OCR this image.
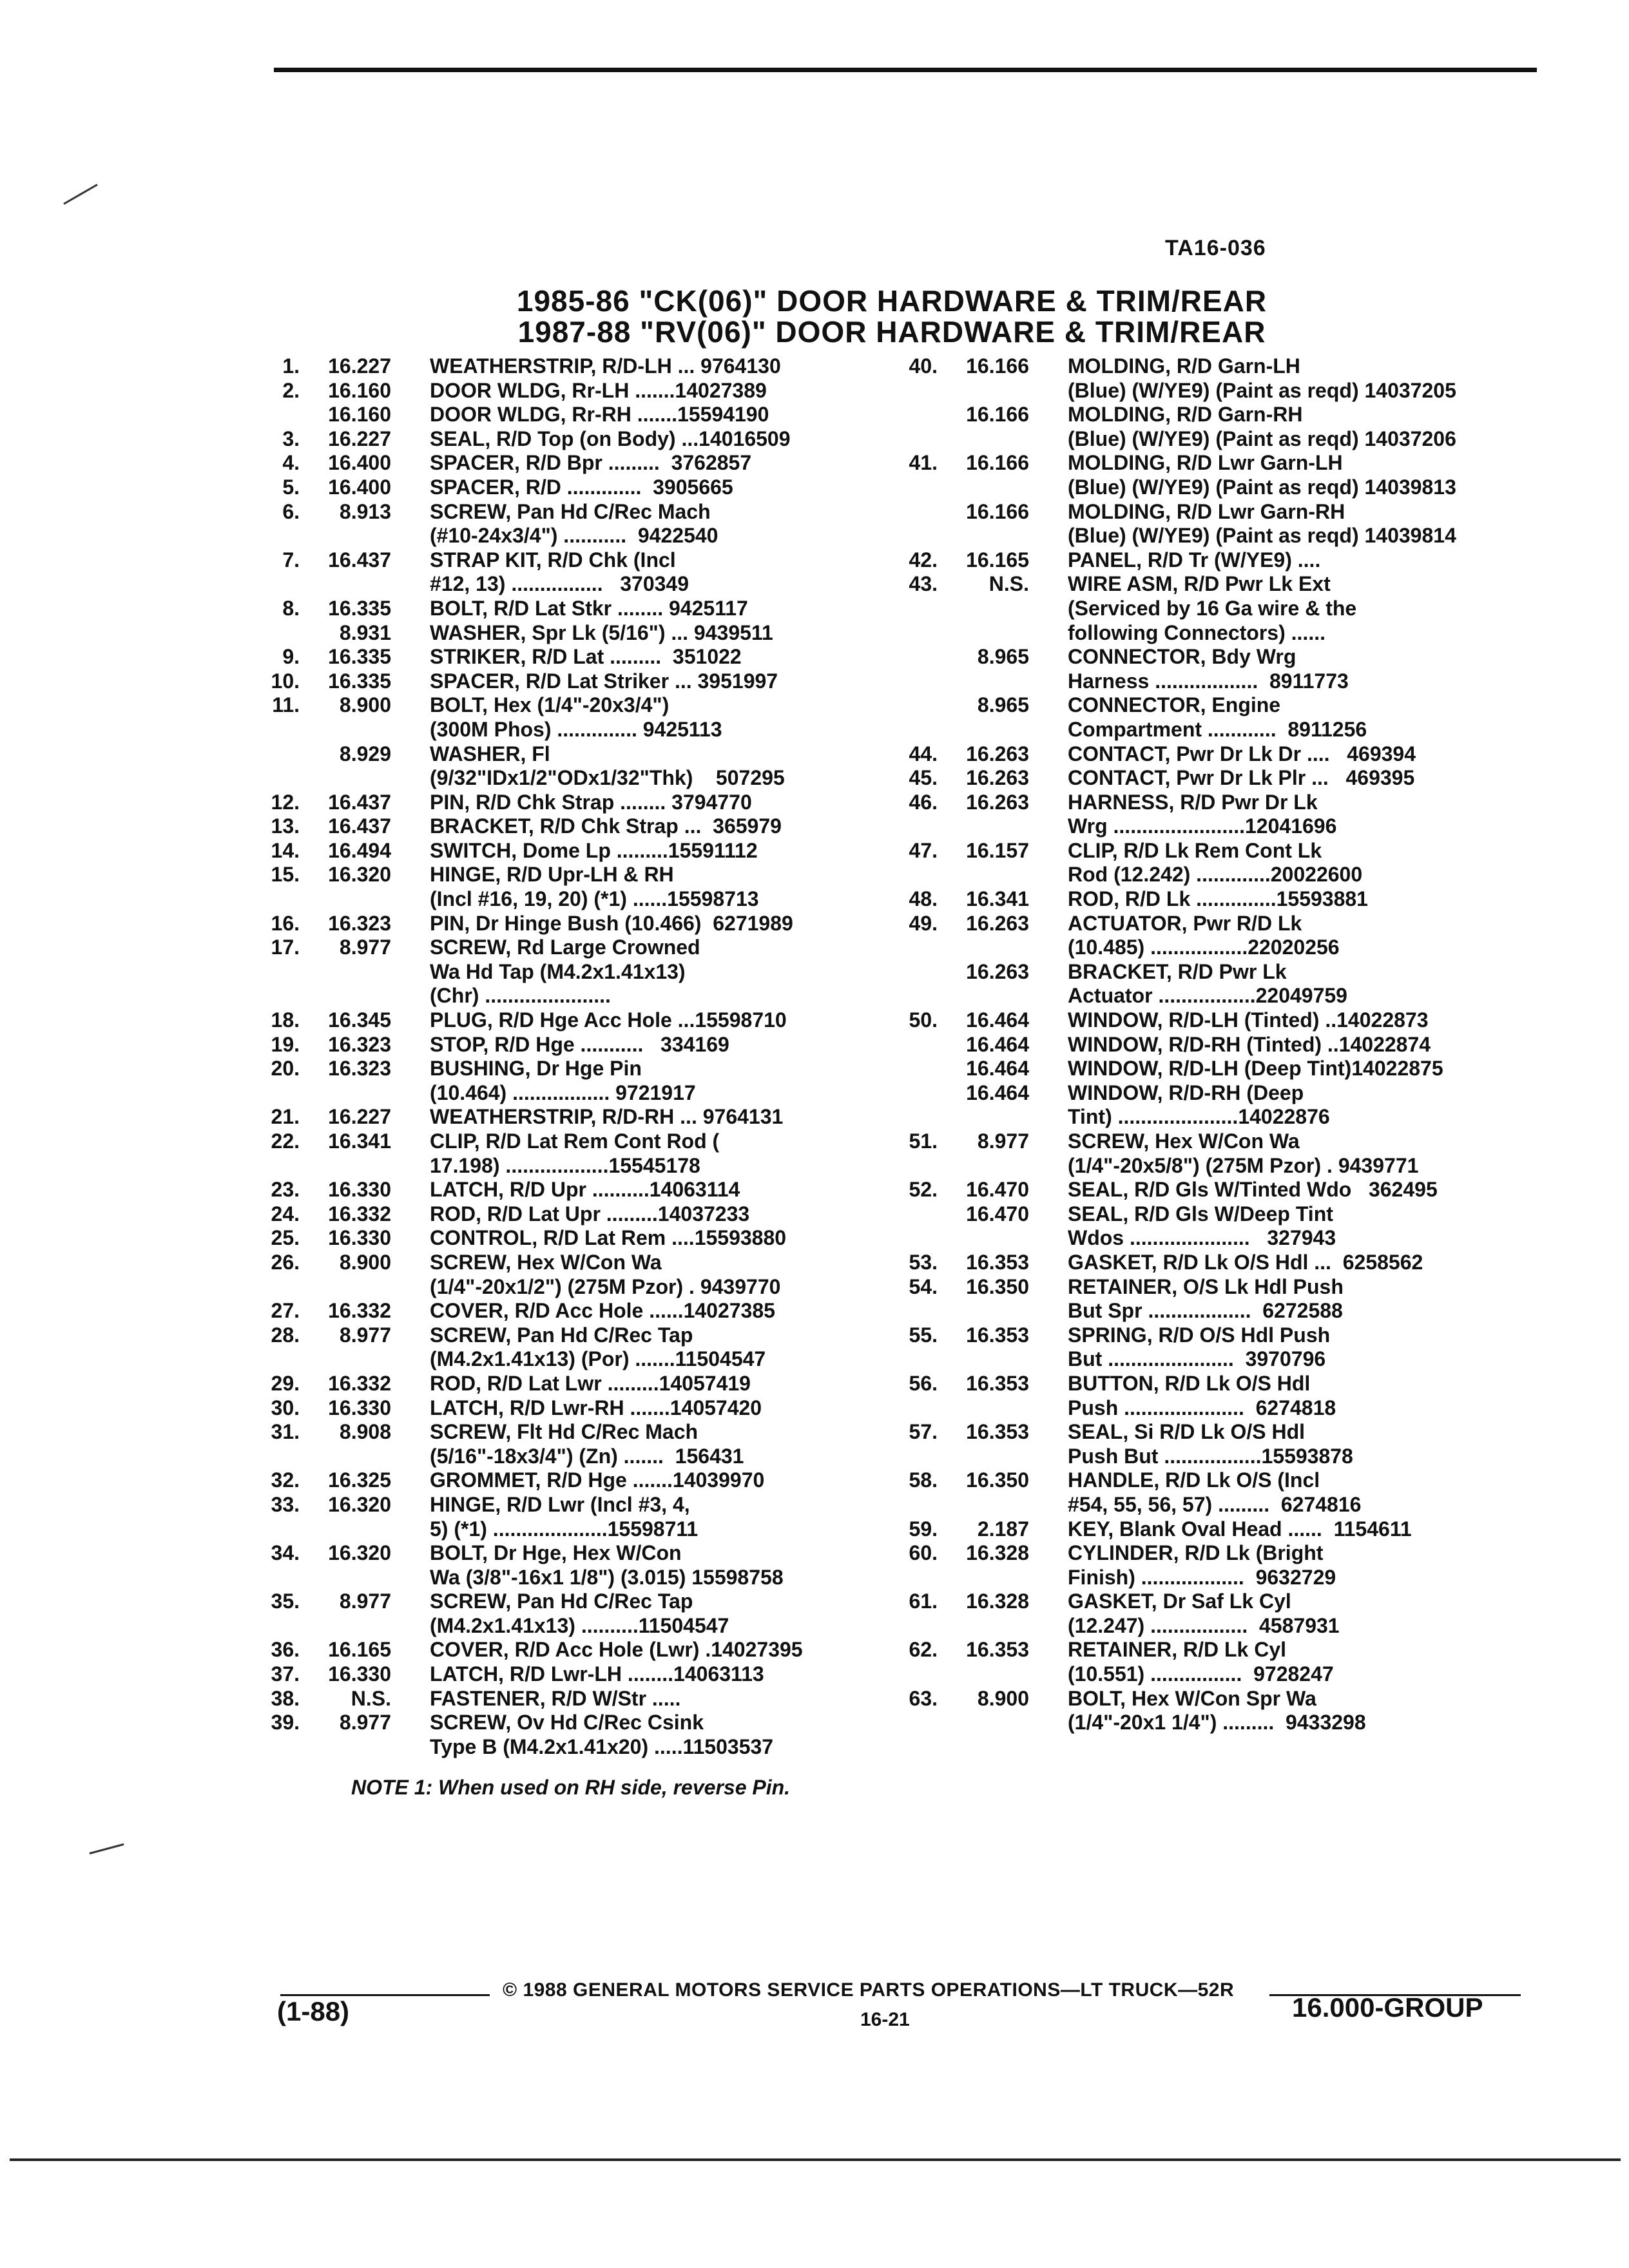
TA16-036
1985-86 "CK(06)" DOOR HARDWARE & TRIM/REAR
1987-88 "RV(06)" DOOR HARDWARE & TRIM/REAR
1.	16.227 WEATHERSTRIP, R/D-LH ... 9764130
2.	16.160 DOOR WLDG, Rr-LH .......14027389
16.160 DOOR WLDG, Rr-RH .......15594190
3.	16.227 SEAL, R/D Top (on Body) ...14016509
4.	16.400 SPACER, R/D Bpr .........  3762857
5.	16.400 SPACER, R/D .............  3905665
6.	8.913 SCREW, Pan Hd C/Rec Mach
(#10-24x3/4") ...........  9422540
7.	16.437 STRAP KIT, R/D Chk (Incl
#12, 13) ................   370349
8.	16.335 BOLT, R/D Lat Stkr ........ 9425117
8.931 WASHER, Spr Lk (5/16") ... 9439511
9.	16.335 STRIKER, R/D Lat .........  351022
10.	16.335 SPACER, R/D Lat Striker ... 3951997
11.	8.900 BOLT, Hex (1/4"-20x3/4")
(300M Phos) .............. 9425113
8.929 WASHER, Fl
(9/32"IDx1/2"ODx1/32"Thk)    507295
12.	16.437 PIN, R/D Chk Strap ........ 3794770
13.	16.437 BRACKET, R/D Chk Strap ...  365979
14.	16.494 SWITCH, Dome Lp .........15591112
15.	16.320 HINGE, R/D Upr-LH & RH
(Incl #16, 19, 20) (*1) ......15598713
16.	16.323 PIN, Dr Hinge Bush (10.466)  6271989
17.	8.977 SCREW, Rd Large Crowned
Wa Hd Tap (M4.2x1.41x13)
(Chr) ......................
18.	16.345 PLUG, R/D Hge Acc Hole ...15598710
19.	16.323 STOP, R/D Hge ...........   334169
20.	16.323 BUSHING, Dr Hge Pin
(10.464) ................. 9721917
21.	16.227 WEATHERSTRIP, R/D-RH ... 9764131
22.	16.341 CLIP, R/D Lat Rem Cont Rod (
17.198) ..................15545178
23.	16.330 LATCH, R/D Upr ..........14063114
24.	16.332 ROD, R/D Lat Upr .........14037233
25.	16.330 CONTROL, R/D Lat Rem ....15593880
26.	8.900 SCREW, Hex W/Con Wa
(1/4"-20x1/2") (275M Pzor) . 9439770
27.	16.332 COVER, R/D Acc Hole ......14027385
28.	8.977 SCREW, Pan Hd C/Rec Tap
(M4.2x1.41x13) (Por) .......11504547
29.	16.332 ROD, R/D Lat Lwr .........14057419
30.	16.330 LATCH, R/D Lwr-RH .......14057420
31.	8.908 SCREW, Flt Hd C/Rec Mach
(5/16"-18x3/4") (Zn) .......  156431
32.	16.325 GROMMET, R/D Hge .......14039970
33.	16.320 HINGE, R/D Lwr (Incl #3, 4,
5) (*1) ....................15598711
34.	16.320 BOLT, Dr Hge, Hex W/Con
Wa (3/8"-16x1 1/8") (3.015) 15598758
35.	8.977 SCREW, Pan Hd C/Rec Tap
(M4.2x1.41x13) ..........11504547
36.	16.165 COVER, R/D Acc Hole (Lwr) .14027395
37.	16.330 LATCH, R/D Lwr-LH ........14063113
38.	N.S. FASTENER, R/D W/Str .....
39.	8.977 SCREW, Ov Hd C/Rec Csink
Type B (M4.2x1.41x20) .....11503537
40.	16.166 MOLDING, R/D Garn-LH
(Blue) (W/YE9) (Paint as reqd) 14037205
16.166 MOLDING, R/D Garn-RH
(Blue) (W/YE9) (Paint as reqd) 14037206
41.	16.166 MOLDING, R/D Lwr Garn-LH
(Blue) (W/YE9) (Paint as reqd) 14039813
16.166 MOLDING, R/D Lwr Garn-RH
(Blue) (W/YE9) (Paint as reqd) 14039814
42.	16.165 PANEL, R/D Tr (W/YE9) ....
43.	N.S. WIRE ASM, R/D Pwr Lk Ext
(Serviced by 16 Ga wire & the
following Connectors) ......
8.965 CONNECTOR, Bdy Wrg
Harness ..................  8911773
8.965 CONNECTOR, Engine
Compartment ............  8911256
44.	16.263 CONTACT, Pwr Dr Lk Dr ....   469394
45.	16.263 CONTACT, Pwr Dr Lk Plr ...   469395
46.	16.263 HARNESS, R/D Pwr Dr Lk
Wrg .......................12041696
47.	16.157 CLIP, R/D Lk Rem Cont Lk
Rod (12.242) .............20022600
48.	16.341 ROD, R/D Lk ..............15593881
49.	16.263 ACTUATOR, Pwr R/D Lk
(10.485) .................22020256
16.263 BRACKET, R/D Pwr Lk
Actuator .................22049759
50.	16.464 WINDOW, R/D-LH (Tinted) ..14022873
16.464 WINDOW, R/D-RH (Tinted) ..14022874
16.464 WINDOW, R/D-LH (Deep Tint)14022875
16.464 WINDOW, R/D-RH (Deep
Tint) .....................14022876
51.	8.977 SCREW, Hex W/Con Wa
(1/4"-20x5/8") (275M Pzor) . 9439771
52.	16.470 SEAL, R/D Gls W/Tinted Wdo   362495
16.470 SEAL, R/D Gls W/Deep Tint
Wdos .....................   327943
53.	16.353 GASKET, R/D Lk O/S Hdl ...  6258562
54.	16.350 RETAINER, O/S Lk Hdl Push
But Spr ..................  6272588
55.	16.353 SPRING, R/D O/S Hdl Push
But ......................  3970796
56.	16.353 BUTTON, R/D Lk O/S Hdl
Push .....................  6274818
57.	16.353 SEAL, Si R/D Lk O/S Hdl
Push But .................15593878
58.	16.350 HANDLE, R/D Lk O/S (Incl
#54, 55, 56, 57) .........  6274816
59.	2.187 KEY, Blank Oval Head ......  1154611
60.	16.328 CYLINDER, R/D Lk (Bright
Finish) ..................  9632729
61.	16.328 GASKET, Dr Saf Lk Cyl
(12.247) .................  4587931
62.	16.353 RETAINER, R/D Lk Cyl
(10.551) ................  9728247
63.	8.900 BOLT, Hex W/Con Spr Wa
(1/4"-20x1 1/4") .........  9433298
NOTE 1: When used on RH side, reverse Pin.
© 1988 GENERAL MOTORS SERVICE PARTS OPERATIONS—LT TRUCK—52R
16-21
(1-88)	16.000-GROUP
